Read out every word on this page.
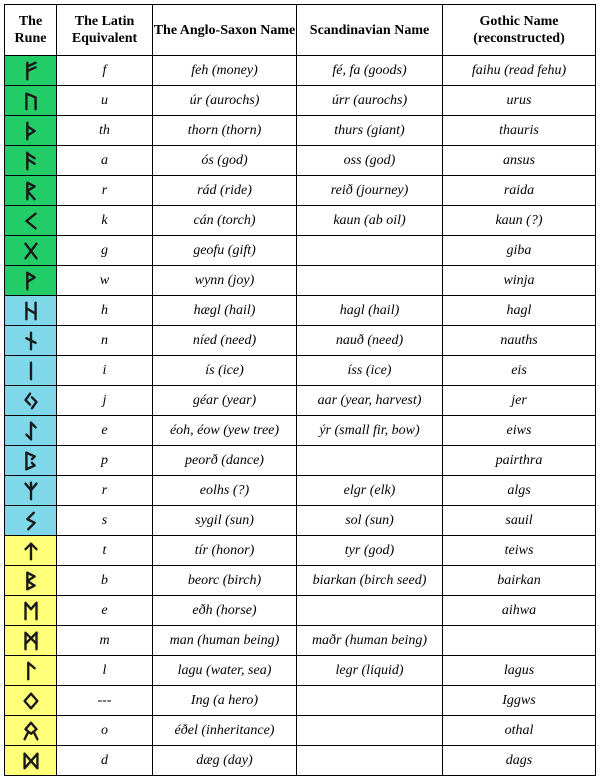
The Rune	The Latin Equivalent	The Anglo-Saxon Name	Scandinavian Name	Gothic Name (reconstructed)

	f	feh (money)	fé, fa (goods)	faihu (read fehu)

	u	úr (aurochs)	úrr (aurochs)	urus

	th	thorn (thorn)	thurs (giant)	thauris

	a	ós (god)	oss (god)	ansus

	r	rád (ride)	reið (journey)	raida

	k	cán (torch)	kaun (ab oil)	kaun (?)

	g	geofu (gift)		giba

	w	wynn (joy)		winja

	h	hægl (hail)	hagl (hail)	hagl

	n	níed (need)	nauð (need)	nauths

	i	ís (ice)	íss (ice)	eis

	j	géar (year)	aar (year, harvest)	jer

	e	éoh, éow (yew tree)	ýr (small fir, bow)	eiws

	p	peorð (dance)		pairthra

	r	eolhs (?)	elgr (elk)	algs

	s	sygil (sun)	sol (sun)	sauil

	t	tír (honor)	tyr (god)	teiws

	b	beorc (birch)	biarkan (birch seed)	bairkan

	e	eðh (horse)		aihwa

	m	man (human being)	maðr (human being)	

	l	lagu (water, sea)	legr (liquid)	lagus

	---	Ing (a hero)		Iggws

	o	éðel (inheritance)		othal

	d	dæg (day)		dags
